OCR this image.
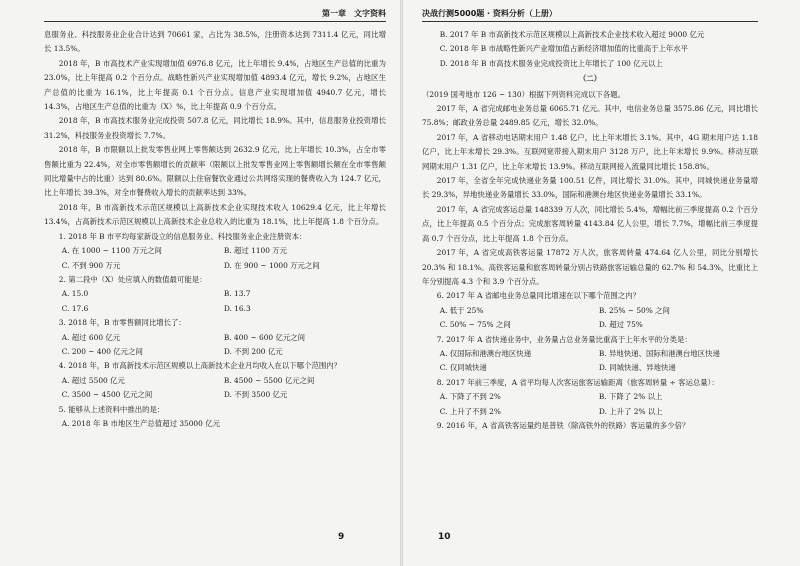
第一章　文字资料	决战行测5000题 · 资料分析（上册）

息服务业、科技服务业企业合计达到 70661 家，占比为 38.5%，注册资本达到 7311.4 亿元，同比增长 13.5%。

2018 年，B 市高技术产业实现增加值 6976.8 亿元，比上年增长 9.4%，占地区生产总值的比重为 23.0%，比上年提高 0.2 个百分点。战略性新兴产业实现增加值 4893.4 亿元，增长 9.2%，占地区生产总值的比重为 16.1%，比上年提高 0.1 个百分点。信息产业实现增加值 4940.7 亿元，增长 14.3%，占地区生产总值的比重为（X）%，比上年提高 0.9 个百分点。

2018 年，B 市高技术服务业完成投资 507.8 亿元，同比增长 18.9%。其中，信息服务业投资增长 31.2%，科技服务业投资增长 7.7%。

2018 年，B 市限额以上批发零售业网上零售额达到 2632.9 亿元，比上年增长 10.3%，占全市零售额比重为 22.4%，对全市零售额增长的贡献率（限额以上批发零售业网上零售额增长额在全市零售额同比增量中占的比重）达到 80.6%。限额以上住宿餐饮业通过公共网络实现的餐费收入为 124.7 亿元，比上年增长 39.3%，对全市餐费收入增长的贡献率达到 33%。

2018 年，B 市高新技术示范区规模以上高新技术企业实现技术收入 10629.4 亿元，比上年增长 13.4%，占高新技术示范区规模以上高新技术企业总收入的比重为 18.1%，比上年提高 1.8 个百分点。

1. 2018 年 B 市平均每家新设立的信息服务业、科技服务业企业注册资本：
A. 在 1000 ~ 1100 万元之间	B. 超过 1100 万元
C. 不到 900 万元	D. 在 900 ~ 1000 万元之间
2. 第二段中（X）处应填入的数值最可能是：
A. 15.0	B. 13.7
C. 17.6	D. 16.3
3. 2018 年，B 市零售额同比增长了：
A. 超过 600 亿元	B. 400 ~ 600 亿元之间
C. 200 ~ 400 亿元之间	D. 不到 200 亿元
4. 2018 年，B 市高新技术示范区规模以上高新技术企业月均收入在以下哪个范围内？
A. 超过 5500 亿元	B. 4500 ~ 5500 亿元之间
C. 3500 ~ 4500 亿元之间	D. 不到 3500 亿元
5. 能够从上述资料中推出的是：
A. 2018 年 B 市地区生产总值超过 35000 亿元
9
B. 2017 年 B 市高新技术示范区规模以上高新技术企业技术收入超过 9000 亿元
C. 2018 年 B 市战略性新兴产业增加值占新经济增加值的比重高于上年水平
D. 2018 年 B 市高技术服务业完成投资比上年增长了 100 亿元以上
（二）

（2019 国考地市 126 ~ 130）根据下列资料完成以下各题。

2017 年，A 省完成邮电业务总量 6065.71 亿元。其中，电信业务总量 3575.86 亿元，同比增长 75.8%；邮政业务总量 2489.85 亿元，增长 32.0%。

2017 年，A 省移动电话期末用户 1.48 亿户，比上年末增长 3.1%。其中，4G 期末用户达 1.18 亿户，比上年末增长 29.3%。互联网宽带接入期末用户 3128 万户，比上年末增长 9.9%。移动互联网期末用户 1.31 亿户，比上年末增长 13.9%。移动互联网接入流量同比增长 158.8%。

2017 年，全省全年完成快递业务量 100.51 亿件，同比增长 31.0%。其中，同城快递业务量增长 29.3%，异地快递业务量增长 33.0%，国际和港澳台地区快递业务量增长 33.1%。

2017 年，A 省完成客运总量 148339 万人次，同比增长 5.4%，增幅比前三季度提高 0.2 个百分点，比上年提高 0.5 个百分点；完成旅客周转量 4143.84 亿人公里，增长 7.7%，增幅比前三季度提高 0.7 个百分点，比上年提高 1.8 个百分点。

2017 年，A 省完成高铁客运量 17872 万人次，旅客周转量 474.64 亿人公里，同比分别增长 20.3% 和 18.1%。高铁客运量和旅客周转量分别占铁路旅客运输总量的 62.7% 和 54.3%，比重比上年分别提高 4.3 个和 3.9 个百分点。

6. 2017 年 A 省邮电业务总量同比增速在以下哪个范围之内？
A. 低于 25%	B. 25% ~ 50% 之间
C. 50% ~ 75% 之间	D. 超过 75%
7. 2017 年 A 省快递业务中，业务量占总业务量比重高于上年水平的分类是：
A. 仅国际和港澳台地区快递	B. 异地快递、国际和港澳台地区快递
C. 仅同城快递	D. 同城快递、异地快递
8. 2017 年前三季度，A 省平均每人次客运旅客运输距离（旅客周转量 ÷ 客运总量）：
A. 下降了不到 2%	B. 下降了 2% 以上
C. 上升了不到 2%	D. 上升了 2% 以上
9. 2016 年，A 省高铁客运量约是普铁（除高铁外的铁路）客运量的多少倍？
10
